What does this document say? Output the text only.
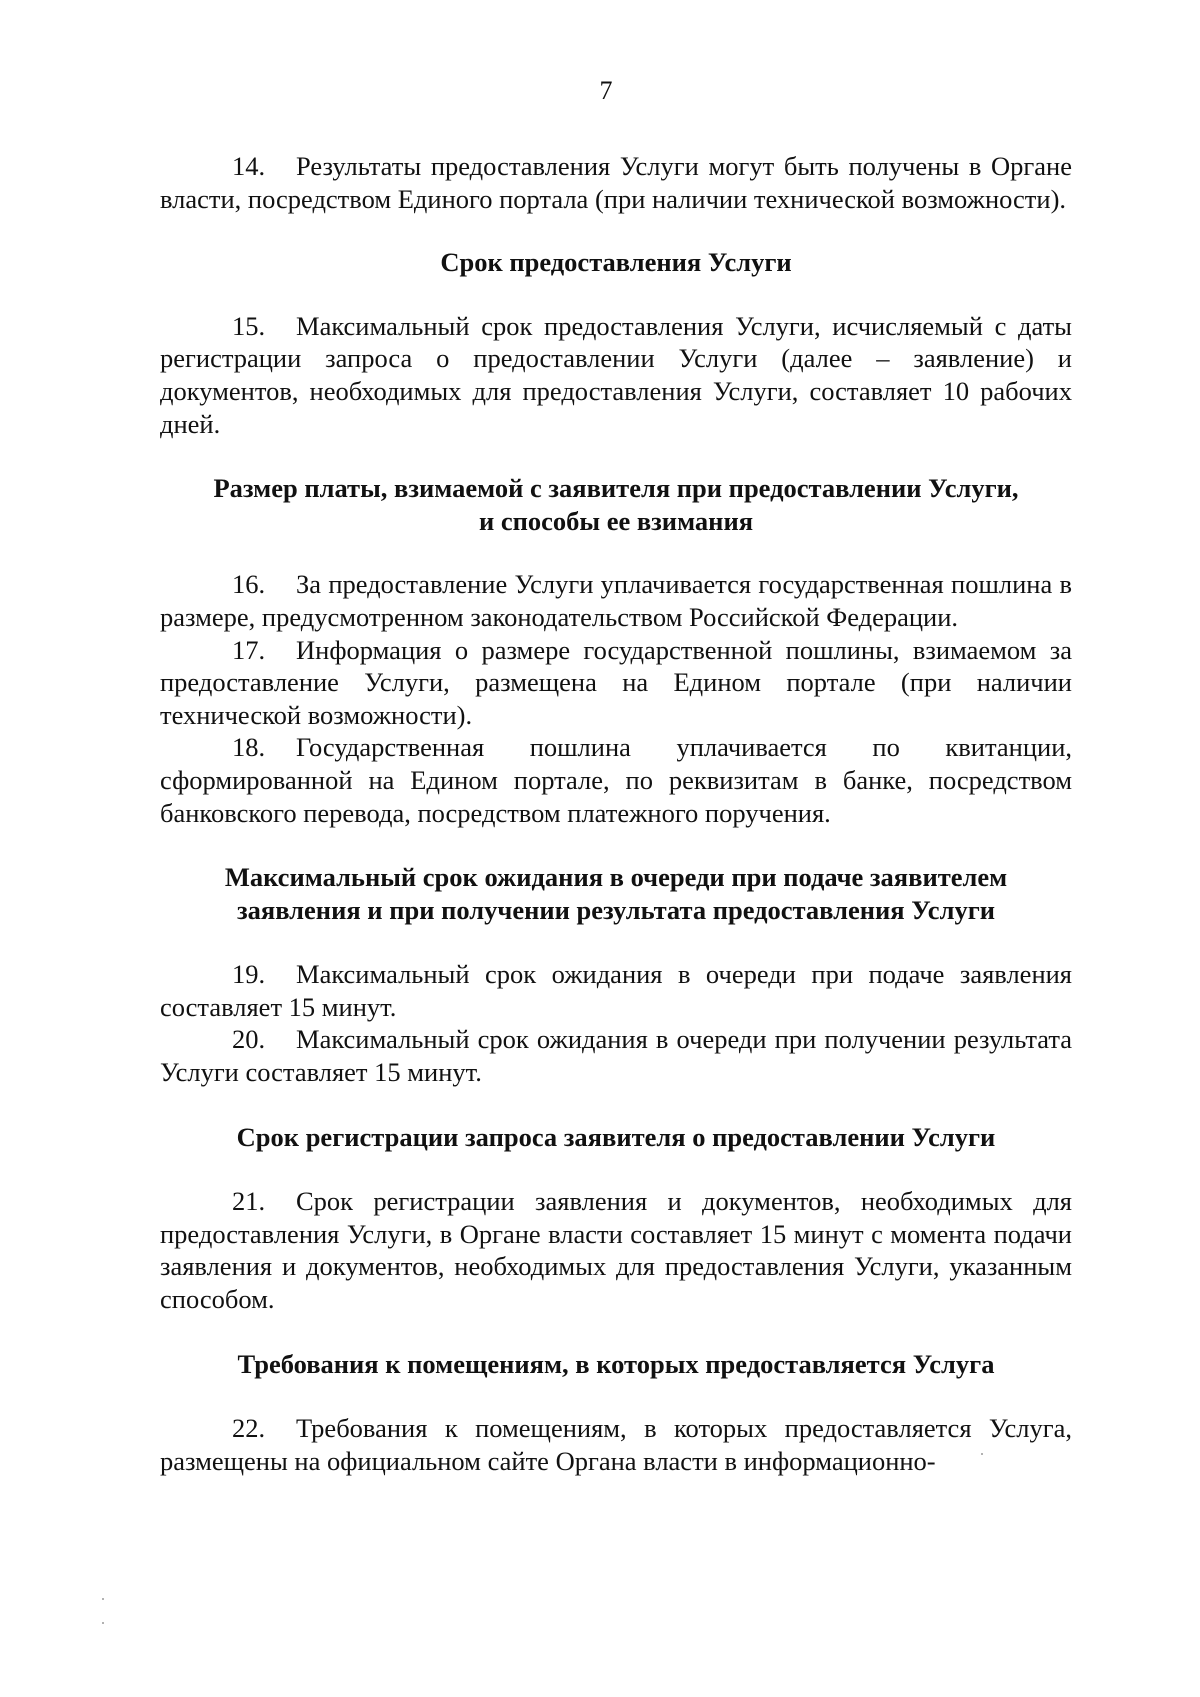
7

14. Результаты предоставления Услуги могут быть получены в Органе власти, посредством Единого портала (при наличии технической возможности).

Срок предоставления Услуги

15. Максимальный срок предоставления Услуги, исчисляемый с даты регистрации запроса о предоставлении Услуги (далее – заявление) и документов, необходимых для предоставления Услуги, составляет 10 рабочих дней.

Размер платы, взимаемой с заявителя при предоставлении Услуги,

и способы ее взимания

16. За предоставление Услуги уплачивается государственная пошлина в размере, предусмотренном законодательством Российской Федерации.

17. Информация о размере государственной пошлины, взимаемом за предоставление Услуги, размещена на Едином портале (при наличии технической возможности).

18. Государственная пошлина уплачивается по квитанции, сформированной на Едином портале, по реквизитам в банке, посредством банковского перевода, посредством платежного поручения.

Максимальный срок ожидания в очереди при подаче заявителем

заявления и при получении результата предоставления Услуги

19. Максимальный срок ожидания в очереди при подаче заявления составляет 15 минут.

20. Максимальный срок ожидания в очереди при получении результата Услуги составляет 15 минут.

Срок регистрации запроса заявителя о предоставлении Услуги

21. Срок регистрации заявления и документов, необходимых для предоставления Услуги, в Органе власти составляет 15 минут с момента подачи заявления и документов, необходимых для предоставления Услуги, указанным способом.

Требования к помещениям, в которых предоставляется Услуга

22. Требования к помещениям, в которых предоставляется Услуга, размещены на официальном сайте Органа власти в информационно-
